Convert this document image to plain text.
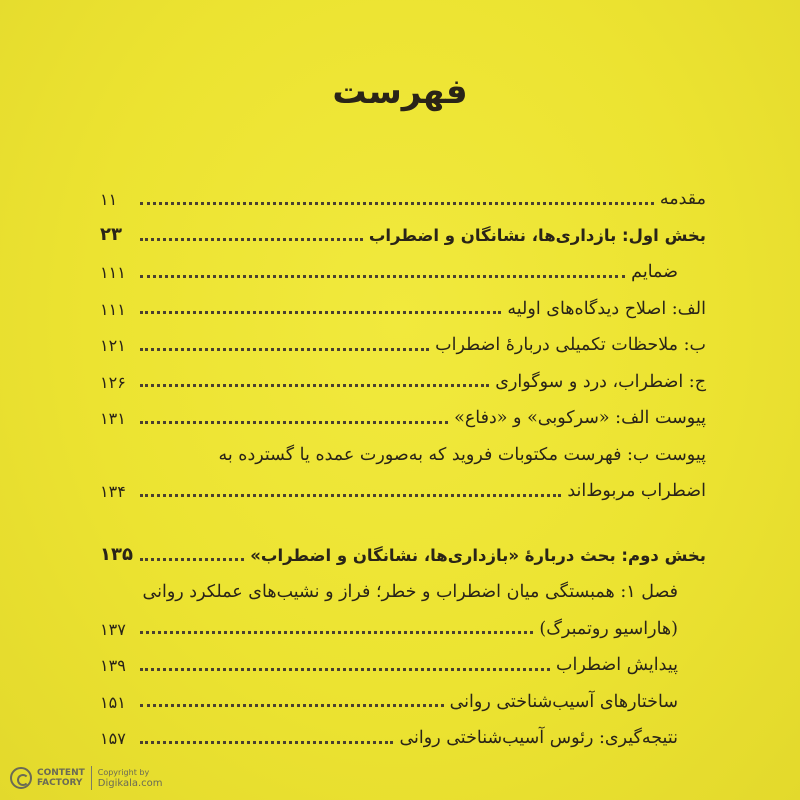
فهرست
مقدمه
۱۱
بخش اول: بازداری‌ها، نشانگان و اضطراب
۲۳
ضمایم
۱۱۱
الف: اصلاح دیدگاه‌های اولیه
۱۱۱
ب: ملاحظات تکمیلی دربارهٔ اضطراب
۱۲۱
ج: اضطراب، درد و سوگواری
۱۲۶
پیوست الف: «سرکوبی» و «دفاع»
۱۳۱
پیوست ب: فهرست مکتوبات فروید که به‌صورت عمده یا گسترده به
اضطراب مربوط‌اند
۱۳۴
بخش دوم: بحث دربارهٔ «بازداری‌ها، نشانگان و اضطراب»
۱۳۵
فصل ۱: همبستگی میان اضطراب و خطر؛ فراز و نشیب‌های عملکرد روانی
(هاراسیو روتمبرگ)
۱۳۷
پیدایش اضطراب
۱۳۹
ساختارهای آسیب‌شناختی روانی
۱۵۱
نتیجه‌گیری: رئوس آسیب‌شناختی روانی
۱۵۷
CONTENT
FACTORY
Copyright by
Digikala.com
